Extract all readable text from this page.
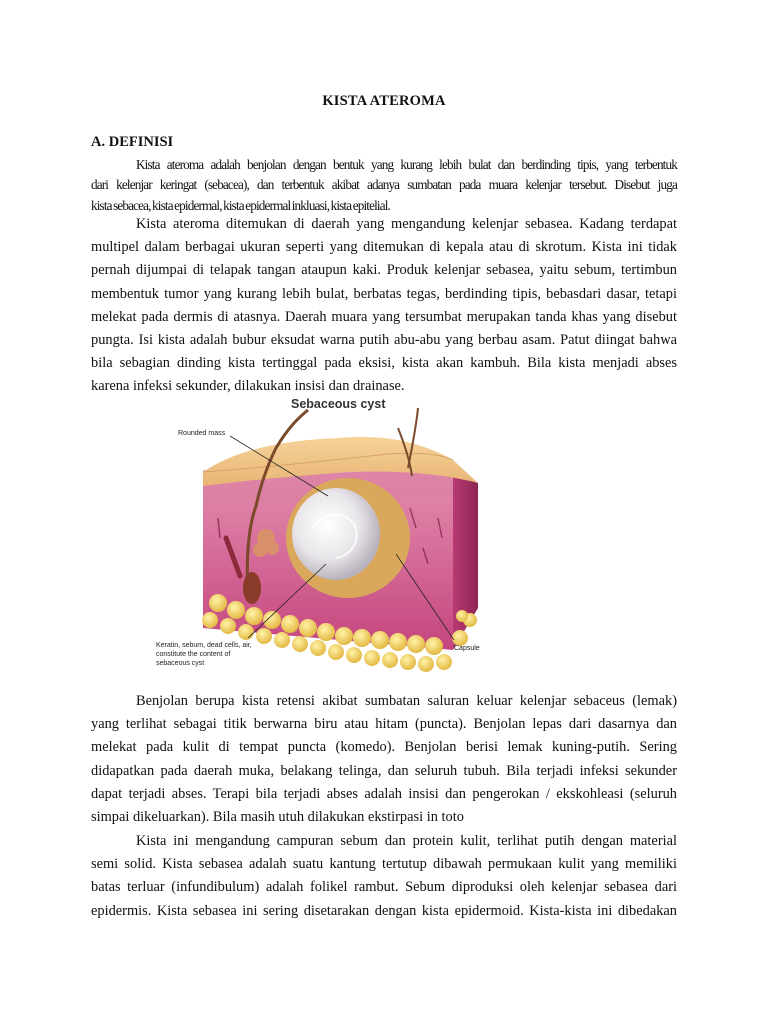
KISTA ATEROMA
A. DEFINISI
Kista ateroma adalah benjolan dengan bentuk yang kurang lebih bulat dan berdinding tipis, yang terbentuk
dari kelenjar keringat (sebacea), dan terbentuk akibat adanya sumbatan pada muara kelenjar tersebut. Disebut juga
kista sebacea, kista epidermal, kista epidermal inkluasi, kista epitelial.
Kista ateroma ditemukan di daerah yang mengandung kelenjar sebasea. Kadang terdapat
multipel dalam berbagai ukuran seperti yang ditemukan di kepala atau di skrotum. Kista ini tidak
pernah dijumpai di telapak tangan ataupun kaki. Produk kelenjar sebasea, yaitu sebum, tertimbun
membentuk tumor yang kurang lebih bulat, berbatas tegas, berdinding tipis, bebasdari dasar, tetapi
melekat pada dermis di atasnya. Daerah muara yang tersumbat merupakan tanda khas yang disebut
pungta. Isi kista adalah bubur eksudat warna putih abu-abu yang berbau asam. Patut diingat bahwa
bila sebagian dinding kista tertinggal pada eksisi, kista akan kambuh. Bila kista menjadi abses
karena infeksi sekunder, dilakukan insisi dan drainase.
Sebaceous cyst
Rounded mass
Keratin, sebum, dead cells, air,
constitute the content of
sebaceous cyst
Capsule
Benjolan berupa kista retensi akibat sumbatan saluran keluar kelenjar sebaceus (lemak)
yang terlihat sebagai titik berwarna biru atau hitam (puncta). Benjolan lepas dari dasarnya dan
melekat pada kulit di tempat puncta (komedo). Benjolan berisi lemak kuning-putih. Sering
didapatkan pada daerah muka, belakang telinga, dan seluruh tubuh. Bila terjadi infeksi sekunder
dapat terjadi abses. Terapi bila terjadi abses adalah insisi dan pengerokan / ekskohleasi (seluruh
simpai dikeluarkan). Bila masih utuh dilakukan ekstirpasi in toto
Kista ini mengandung campuran sebum dan protein kulit, terlihat putih dengan material
semi solid. Kista sebasea adalah suatu kantung tertutup dibawah permukaan kulit yang memiliki
batas terluar (infundibulum) adalah folikel rambut. Sebum diproduksi oleh kelenjar sebasea dari
epidermis. Kista sebasea ini sering disetarakan dengan kista epidermoid. Kista-kista ini dibedakan
